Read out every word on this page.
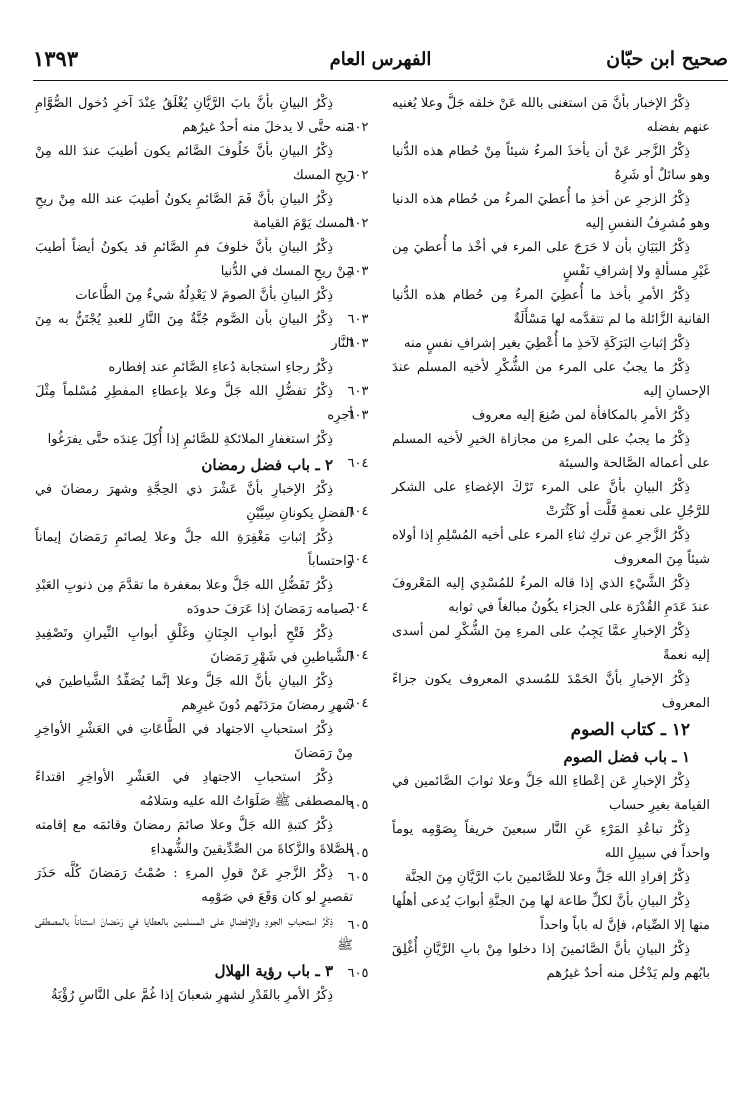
صحيح ابن حبّان
الفهرس العام
١٣٩٣
ذِكْرُ الإخبار بأنَّ مَن استغنى بالله عَنْ خلقه جَلَّ وعلا يُغنيه عنهم بفضله
٦٠٢
ذِكْرُ الزَّجر عَنْ أن يأخذَ المرءُ شيئاً مِنْ حُطام هذه الدُّنيا وهو سائلٌ أو شَرِهٌ
٦٠٢
ذِكْرُ الزجرِ عن أخذِ ما أُعطيَ المرءُ من حُطام هذه الدنيا وهو مُشرِفُ النفسِ إليه
٦٠٢
ذِكْرُ البَيَانِ بأن لا حَرَجَ على المرء في أخْذ ما أُعطيَ مِن غَيْرِ مسألةٍ ولا إشرافِ نَفْسٍ
٦٠٣
ذِكْرُ الأمرِ بأخذ ما أُعطِيَ المرءُ مِن حُطام هذه الدُّنيا الفانية الزَّائلة ما لم تتقدَّمه لها مَسْأَلَةٌ
٦٠٣
ذِكْرُ إثباتِ البَرَكَةِ لآخذِ ما أُعْطِيَ بغير إشرافِ نفسٍ منه
٦٠٣
ذِكْرُ ما يجبُ على المرء من الشُّكْرِ لأخيه المسلم عندَ الإحسانِ إليه
٦٠٣
ذِكْرُ الأمرِ بالمكافأة لمن صُنِعَ إليه معروف
٦٠٣
ذِكْرُ ما يجبُ على المرءِ من مجازاة الخيرِ لأخيه المسلم على أعماله الصَّالحة والسيئة
٦٠٤
ذِكْرُ البيانِ بأنَّ على المرء تَرْكَ الإغضاءِ على الشكر للرَّجُلِ على نعمةٍ قَلَّت أو كَثُرَتْ
٦٠٤
ذِكْرُ الزَّجرِ عن تركِ ثناءِ المرء على أخيه المُسْلِمِ إذا أولاه شيئاً مِنَ المعروف
٦٠٤
ذِكْرُ الشَّيْءِ الذي إذا قاله المرءُ للمُسْدِي إليه المَعْروفَ عندَ عَدَمِ القُدْرَة على الجزاء يكُونُ مبالغاً في ثوابه
٦٠٤
ذِكْرُ الإخبارِ عمَّا يَجِبُ على المرءِ مِنَ الشُّكْرِ لمن أسدى إليه نعمةً
٦٠٤
ذِكْرُ الإخبارِ بأنَّ الحَمْدَ للمُسدي المعروف يكون جزاءً المعروف
٦٠٤
١٢ ـ كتاب الصوم
١ ـ باب فضل الصوم
ذِكْرُ الإخبارِ عَن إعْطاءِ الله جَلَّ وعلا ثوابَ الصَّائمين في القيامة بغيرِ حساب
٦٠٥
ذِكْرُ تباعُدِ المَرْءِ عَنِ النَّار سبعينَ خريفاً بِصَوْمِه يوماً واحداً في سبيلِ الله
٦٠٥
ذِكْرُ إفرادِ الله جَلَّ وعلا للصَّائمينَ بابَ الرَّيَّانِ مِنَ الجنَّة
٦٠٥
ذِكْرُ البيانِ بأنَّ لكلِّ طاعة لها مِنَ الجنَّةِ أبوابَ يُدعى أهلُها منها إلا الصِّيام، فإنَّ له باباً واحداً
٦٠٥
ذِكْرُ البيانِ بأنَّ الصَّائمينَ إذا دخلوا مِنْ بابِ الرَّيَّانِ أُغْلِقَ بابُهم ولم يَدْخُل منه أحدٌ غيرُهم
٦٠٥
ذِكْرُ البيانِ بأنَّ بابَ الرَّيَّانِ يُغْلَقُ عِنْدَ آخرِ دُخول الصُّوَّامِ منه حتَّى لا يدخلَ منه أحدٌ غيرُهم
ذِكْرُ البيانِ بأنَّ خَلُوفَ الصَّائم يكون أطيبَ عندَ الله مِنْ ريحِ المسك
ذِكْرُ البيانِ بأنَّ فَمَ الصَّائمِ يكونُ أطيبَ عند الله مِنْ ريحِ المسك يَوْمَ القيامة
ذِكْرُ البيانِ بأنَّ خلوفَ فمِ الصَّائمِ قد يكونُ أيضاً أطيبَ مِنْ ريحِ المسك في الدُّنيا
ذِكْرُ البيانِ بأنَّ الصومَ لا يَعْدِلُهُ شيءٌ مِنَ الطَّاعات
ذِكْرُ البيانِ بأن الصَّوم جُنَّةٌ مِنَ النَّارِ للعبدِ يُجْتَنُّ به مِنَ النَّار
ذِكْرُ رجاءِ استجابة دُعاءِ الصَّائمِ عند إفطاره
ذِكْرُ تفضُّلِ الله جَلَّ وعلا بإعطاءِ المفطِرِ مُسْلماً مِثْلَ أجرِه
ذِكْرُ استغفارِ الملائكةِ للصَّائمِ إذا أُكِلَ عِندَه حتَّى يفرَغُوا
٢ ـ باب فضل رمضان
ذِكْرُ الإخبارِ بأنَّ عَشْرَ ذي الحِجَّةِ وشهرَ رمضانَ في الفضلِ يكونانِ سِيَّيْنِ
ذِكْرُ إثباتِ مَغْفِرَةِ الله جلَّ وعلا لِصائمِ رَمَضانَ إيماناً واحتساباً
ذِكْرُ تَفَضُّلِ الله جَلَّ وعلا بمغفرة ما تقدَّمَ مِن ذنوبِ العَبْدِ بصيامه رَمَضانَ إذا عَرَفَ حدودَه
ذِكْرُ فَتْحِ أبوابِ الجِنَانِ وغَلْقِ أبوابِ النِّيرانِ وتَصْفِيدِ الشَّياطينِ في شَهْرِ رَمَضانَ
ذِكْرُ البيانِ بأنَّ الله جَلَّ وعلا إنَّما يُصَفِّدُ الشَّياطينَ في شهرِ رمضانَ مرَدَتَهم دُونَ غيرِهم
ذِكْرُ استحبابِ الاجتهاد في الطَّاعَاتِ في العَشْرِ الأواخِرِ مِنْ رَمَضانَ
ذِكْرُ استحبابِ الاجتهادِ في العَشْرِ الأواخِرِ اقتداءً بالمصطفى ﷺ صَلَوَاتُ الله عليه وسَلامُه
ذِكْرُ كتبةِ الله جَلَّ وعلا صائمَ رمضانَ وقائمَه مع إقامته الصَّلاةَ والزَّكاةَ من الصِّدِّيقينَ والشُّهداءِ
ذِكْرُ الزَّجرِ عَنْ قولِ المرءِ : صُمْتُ رَمَضانَ كُلَّه حَذَرَ تقصيرٍ لو كان وَقَعَ في صَوْمِه
ذِكْرُ استحبابِ الجودِ والإفضالِ على المسلمين بالعطايا في رَمَضانَ استناناً بالمصطفى ﷺ
٣ ـ باب رؤية الهلال
ذِكْرُ الأمرِ بالقَدْرِ لشهرِ شعبانَ إذا غُمَّ على النَّاسِ رُؤْيَةُ
